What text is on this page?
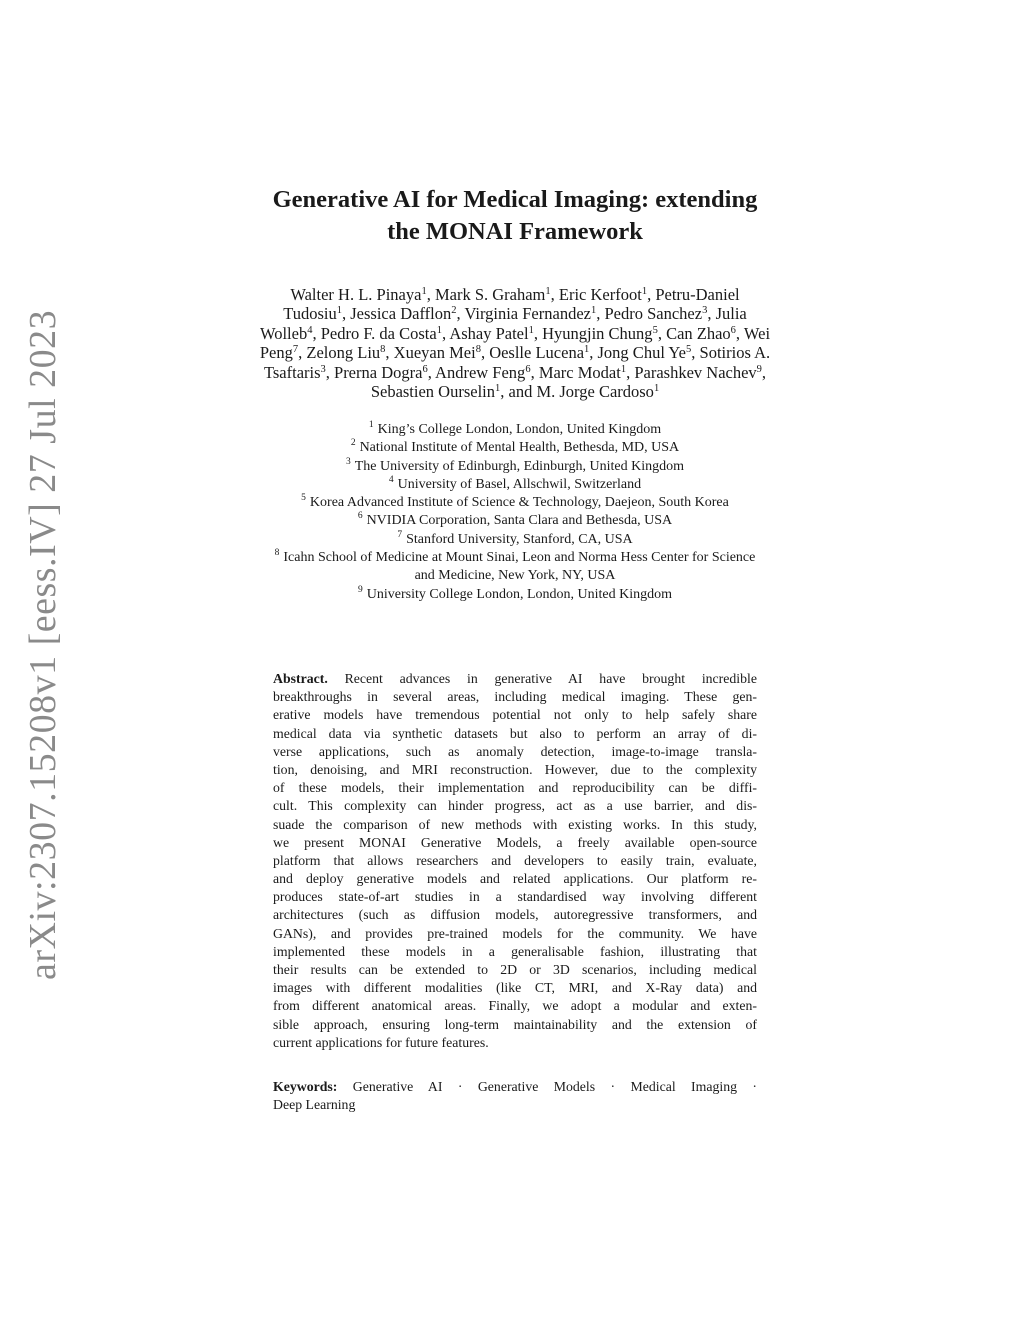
arXiv:2307.15208v1 [eess.IV] 27 Jul 2023
Generative AI for Medical Imaging: extending
the MONAI Framework
Walter H. L. Pinaya$^1$, Mark S. Graham$^1$, Eric Kerfoot$^1$, Petru-Daniel
Tudosiu$^1$, Jessica Dafflon$^2$, Virginia Fernandez$^1$, Pedro Sanchez$^3$, Julia
Wolleb$^4$, Pedro F. da Costa$^1$, Ashay Patel$^1$, Hyungjin Chung$^5$, Can Zhao$^6$, Wei
Peng$^7$, Zelong Liu$^8$, Xueyan Mei$^8$, Oeslle Lucena$^1$, Jong Chul Ye$^5$, Sotirios A.
Tsaftaris$^3$, Prerna Dogra$^6$, Andrew Feng$^6$, Marc Modat$^1$, Parashkev Nachev$^9$,
Sebastien Ourselin$^1$, and M. Jorge Cardoso$^1$
$^1$ King’s College London, London, United Kingdom
$^2$ National Institute of Mental Health, Bethesda, MD, USA
$^3$ The University of Edinburgh, Edinburgh, United Kingdom
$^4$ University of Basel, Allschwil, Switzerland
$^5$ Korea Advanced Institute of Science & Technology, Daejeon, South Korea
$^6$ NVIDIA Corporation, Santa Clara and Bethesda, USA
$^7$ Stanford University, Stanford, CA, USA
$^8$ Icahn School of Medicine at Mount Sinai, Leon and Norma Hess Center for Science
and Medicine, New York, NY, USA
$^9$ University College London, London, United Kingdom
Abstract. Recent advances in generative AI have brought incredible
breakthroughs in several areas, including medical imaging. These gen-
erative models have tremendous potential not only to help safely share
medical data via synthetic datasets but also to perform an array of di-
verse applications, such as anomaly detection, image-to-image transla-
tion, denoising, and MRI reconstruction. However, due to the complexity
of these models, their implementation and reproducibility can be diffi-
cult. This complexity can hinder progress, act as a use barrier, and dis-
suade the comparison of new methods with existing works. In this study,
we present MONAI Generative Models, a freely available open-source
platform that allows researchers and developers to easily train, evaluate,
and deploy generative models and related applications. Our platform re-
produces state-of-art studies in a standardised way involving different
architectures (such as diffusion models, autoregressive transformers, and
GANs), and provides pre-trained models for the community. We have
implemented these models in a generalisable fashion, illustrating that
their results can be extended to 2D or 3D scenarios, including medical
images with different modalities (like CT, MRI, and X-Ray data) and
from different anatomical areas. Finally, we adopt a modular and exten-
sible approach, ensuring long-term maintainability and the extension of
current applications for future features.
Keywords: Generative AI · Generative Models · Medical Imaging ·
Deep Learning
